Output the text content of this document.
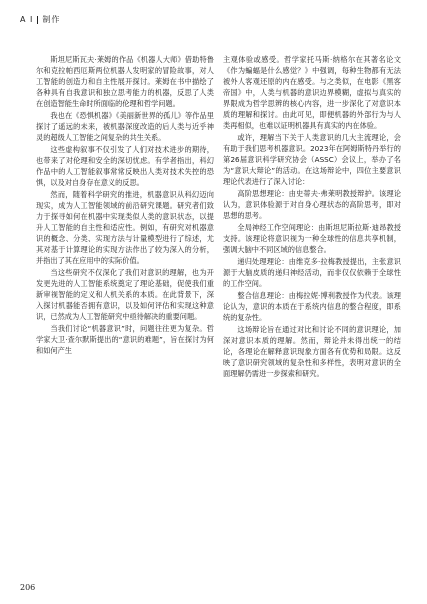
A I 制作

斯坦尼斯瓦夫·莱姆的作品《机器人大师》借助特鲁尔和克拉帕西厄斯两位机器人发明家的冒险故事，对人工智能的创造力和自主性展开探讨。莱姆在书中描绘了各种具有自我意识和独立思考能力的机器，反思了人类在创造智能生命时所面临的伦理和哲学问题。

我也在《恐惧机器》《美丽新世界的孤儿》等作品里探讨了遥远的未来，被机器深度改造的后人类与近乎神灵的超级人工智能之间复杂的共生关系。

这些虚构叙事不仅引发了人们对技术进步的期待，也带来了对伦理和安全的深切忧虑。有学者指出，科幻作品中的人工智能叙事常常反映出人类对技术失控的恐惧，以及对自身存在意义的反思。

然而，随着科学研究的推进，机器意识从科幻迈向现实，成为人工智能领域的前沿研究课题。研究者们致力于探寻如何在机器中实现类似人类的意识状态，以提升人工智能的自主性和适应性。例如，有研究对机器意识的概念、分类、实现方法与计量模型进行了综述，尤其对基于计算理论的实现方法作出了较为深入的分析，并指出了其在应用中的实际价值。

当这些研究不仅深化了我们对意识的理解，也为开发更先进的人工智能系统奠定了理论基础，促使我们重新审视智能的定义和人机关系的本质。在此背景下，深入探讨机器能否拥有意识，以及如何评估和实现这种意识，已然成为人工智能研究中亟待解决的重要问题。

当我们讨论“机器意识”时，问题往往更为复杂。哲学家大卫·查尔默斯提出的“意识的难题”，旨在探讨为何和如何产生

主观体验或感受。哲学家托马斯·纳格尔在其著名论文《作为蝙蝠是什么感觉？》中强调，每种生物都有无法被外人客观还原的内在感受。与之类似，在电影《黑客帝国》中，人类与机器的意识边界模糊，虚拟与真实的界限成为哲学思辨的核心内容，进一步深化了对意识本质的理解和探讨。由此可见，即便机器的外部行为与人类再相似，也难以证明机器具有真实的内在体验。

或许，理解当下关于人类意识的几大主流理论，会有助于我们思考机器意识。2023年在阿姆斯特丹举行的第26届意识科学研究协会（ASSC）会议上，举办了名为“意识大辩论”的活动。在这场辩论中，四位主要意识理论代表进行了深入讨论：

高阶思想理论：由史蒂夫·弗莱明教授辩护。该理论认为，意识体验源于对自身心理状态的高阶思考，即对思想的思考。

全局神经工作空间理论：由斯坦尼斯拉斯·迪昂教授支持。该理论将意识视为一种全球性的信息共享机制，强调大脑中不同区域的信息整合。

递归处理理论：由维克多·拉梅教授提出，主张意识源于大脑皮质的递归神经活动，而非仅仅依赖于全球性的工作空间。

整合信息理论：由梅拉妮·博利教授作为代表。该理论认为，意识的本质在于系统内信息的整合程度，即系统的复杂性。

这场辩论旨在通过对比和讨论不同的意识理论，加深对意识本质的理解。然而，辩论并未得出统一的结论，各理论在解释意识现象方面各有优势和局限。这反映了意识研究领域的复杂性和多样性，表明对意识的全面理解仍需进一步探索和研究。

206
